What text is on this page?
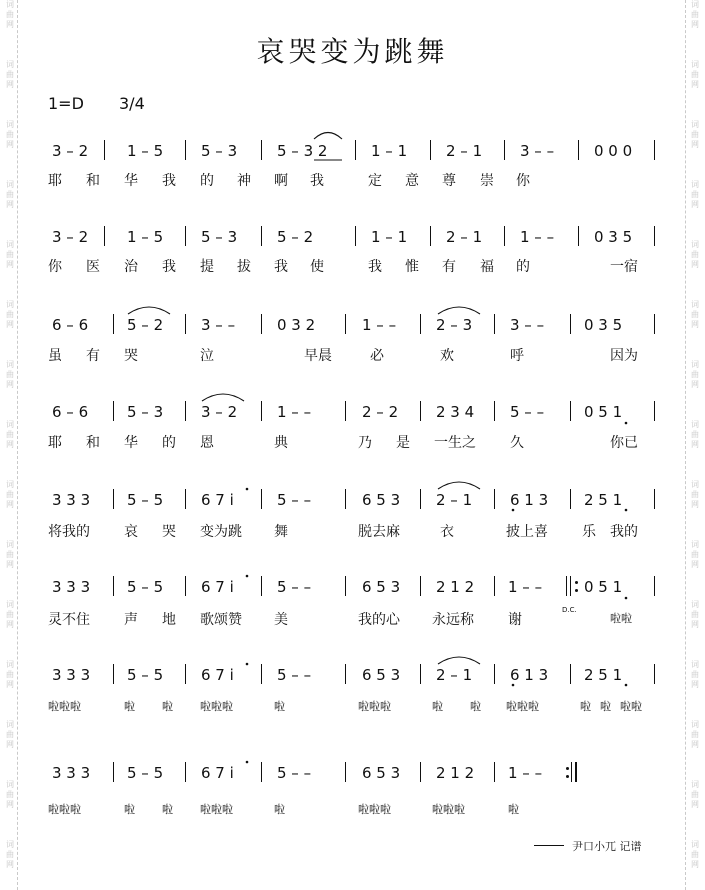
词
曲
网
词
曲
网
词
曲
网
词
曲
网
词
曲
网
词
曲
网
词
曲
网
词
曲
网
词
曲
网
词
曲
网
词
曲
网
词
曲
网
词
曲
网
词
曲
网
词
曲
网
词
曲
网
词
曲
网
词
曲
网
词
曲
网
词
曲
网
词
曲
网
词
曲
网
词
曲
网
词
曲
网
词
曲
网
词
曲
网
词
曲
网
词
曲
网
词
曲
网
词
曲
网
哀哭变为跳舞
1=D 3/4
3 – 2	1 – 5	5 – 3	5 – 3 2	1 – 1	2 – 1	3 – –	0 0 0
耶 和 华 我 的 神 啊 我	定 意 尊 崇 你
3 – 2	1 – 5	5 – 3	5 – 2	1 – 1	2 – 1	1 – –	0 3 5
你 医 治 我 提 拔 我 使	我 惟 有 福 的	一宿
6 – 6	5 – 2	3 – –	0 3 2	1 – –	2 – 3	3 – –	0 3 5
虽 有 哭	泣	早晨	必	欢	呼	因为
6 – 6	5 – 3	3 – 2	1 – –	2 – 2	2 3 4 5 – –	0 5 1
耶 和 华 的 恩	典	乃 是 一生之 久	你已
3 3 3 5 – 5	6 7 i	5 – –	6 5 3 2 – 1	6 1 3 2 5 1
将我的 哀 哭 变为跳 舞	脱去麻	衣	披上喜 乐 我的
3 3 3 5 – 5	6 7 i	5 – –	6 5 3 2 1 2 1 – –	0 5 1
灵不住 声 地 歌颂赞 美	我的心 永远称 谢
D.C.
啦啦
3 3 3 5 – 5	6 7 i	5 – –	6 5 3 2 – 1	6 1 3 2 5 1
啦啦啦	啦 啦 啦啦啦	啦	啦啦啦	啦 啦 啦啦啦	啦 啦 啦啦
3 3 3 5 – 5	6 7 i	5 – –	6 5 3 2 1 2 1 – –
啦啦啦	啦 啦 啦啦啦	啦	啦啦啦	啦啦啦	啦
尹口小兀 记谱
